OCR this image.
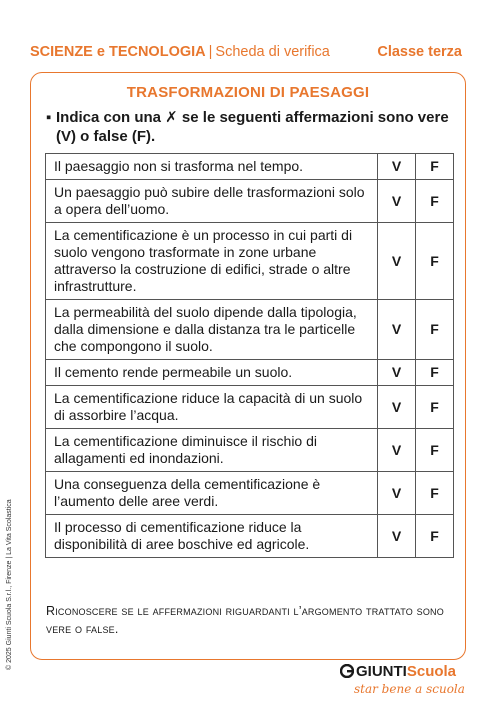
SCIENZE e TECNOLOGIA | Scheda di verifica	Classe terza
TRASFORMAZIONI DI PAESAGGI
▪ Indica con una ✗ se le seguenti affermazioni sono vere (V) o false (F).
Il paesaggio non si trasforma nel tempo.	V	F
Un paesaggio può subire delle trasformazioni solo a opera dell’uomo.	V	F
La cementificazione è un processo in cui parti di suolo vengono trasformate in zone urbane attraverso la costruzione di edifici, strade o altre infrastrutture.	V	F
La permeabilità del suolo dipende dalla tipologia, dalla dimensione e dalla distanza tra le particelle che compongono il suolo.	V	F
Il cemento rende permeabile un suolo.	V	F
La cementificazione riduce la capacità di un suolo di assorbire l’acqua.	V	F
La cementificazione diminuisce il rischio di allagamenti ed inondazioni.	V	F
Una conseguenza della cementificazione è l’aumento delle aree verdi.	V	F
Il processo di cementificazione riduce la disponibilità di aree boschive ed agricole.	V	F
Riconoscere se le affermazioni riguardanti l’argomento trattato sono vere o false.
© 2025 Giunti Scuola S.r.l., Firenze | La Vita Scolastica
GIUNTIScuola
star bene a scuola
